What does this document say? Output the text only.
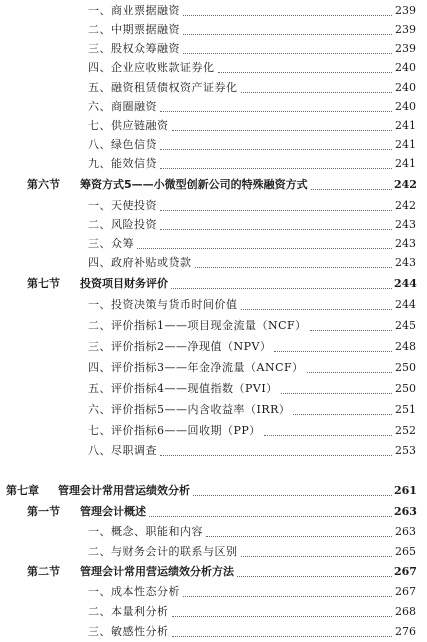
一、商业票据融资	239
二、中期票据融资	239
三、股权众筹融资	239
四、企业应收账款证券化	240
五、融资租赁债权资产证券化	240
六、商圈融资	240
七、供应链融资	241
八、绿色信贷	241
九、能效信贷	241
第六节 筹资方式5——小微型创新公司的特殊融资方式	242
一、天使投资	242
二、风险投资	243
三、众筹	243
四、政府补贴或贷款	243
第七节 投资项目财务评价	244
一、投资决策与货币时间价值	244
二、评价指标1——项目现金流量（NCF）	245
三、评价指标2——净现值（NPV）	248
四、评价指标3——年金净流量（ANCF）	250
五、评价指标4——现值指数（PVI）	250
六、评价指标5——内含收益率（IRR）	251
七、评价指标6——回收期（PP）	252
八、尽职调查	253
第七章 管理会计常用营运绩效分析	261
第一节 管理会计概述	263
一、概念、职能和内容	263
二、与财务会计的联系与区别	265
第二节 管理会计常用营运绩效分析方法	267
一、成本性态分析	267
二、本量利分析	268
三、敏感性分析	276
